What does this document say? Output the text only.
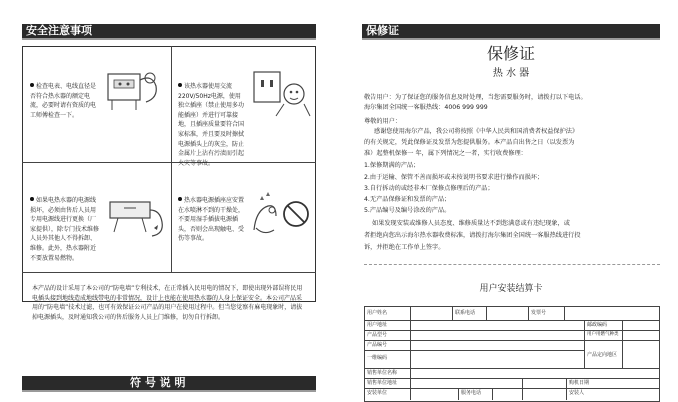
安全注意事项
检查电表、电线直径是否符合热水器的额定电流，必要时请有资质的电工师傅检查一下。
该热水器使用交流220V/50Hz电源，使用独立插座（禁止使用多功能插座）并进行可靠接地，且插座质量要符合国家标准，并且要及时擦拭电源插头上的灰尘，防止金属片上沾有污渍而引起火灾等事故。
如果电热水器的电源线损坏，必须由售后人员用专用电源线进行更换（厂家提供），除专门技术维修人员外其他人不得拆卸、维修。此外，热水器附近不要放置易燃物。
热水器电源插座应安置在水喷淋不到的干燥处，不要用湿手插拔电源插头，否则会出现触电、受伤等事故。
本产品的设计采用了本公司的“防电墙”专利技术，在正常插入民用电的情况下，即使出现外部误将民用电插头接到地线造成地线带电的非常情况，设计上也能在使用热水器的人身上保证安全。本公司产品采用的“防电墙”技术过滤，也可有效保证公司产品的用户在使用过程中。但当您觉察有麻电现象时，请拔掉电源插头，及时通知我公司的售后服务人员上门维修，切勿自行拆卸。
符 号 说 明
保修证
保修证
热 水 器
敬告用户：为了保证您的服务信息及时处理，当您需要服务时，请拨打以下电话。
海尔集团全国统一客服热线：4006 999 999
尊敬的用户：
感谢您使用海尔产品，我公司将按照《中华人民共和国消费者权益保护法》
的有关规定，凭此保修证及发票为您提供服务。本产品自出售之日（以发票为
准）起整机保修一 年，属下列情况之一者，实行收费修理：
1.保修期满的产品；
2.由于运输、保管不善而损坏或未按说明书要求进行操作而损坏；
3.自行拆动的或经非本厂保修点修理后的产品；
4.无产品保修证和发票的产品；
5.产品编号及编号涂改的产品。
如果发现安装或维修人员态度、维修质量达不到您满意或有违纪现象，或
者拒绝向您出示海尔热水器收费标准，请拨打海尔集团全国统一客服热线进行投
诉，并拒绝在工作单上签字。
用户安装结算卡
用户姓名	联系电话	发票号
用户地址	邮政编码
产品型号	用户用燃气种类
产品编号
一维编码	产品定向地区
销售单位名称
销售单位地址	购机日期
安装单位	服务电话	安装人
